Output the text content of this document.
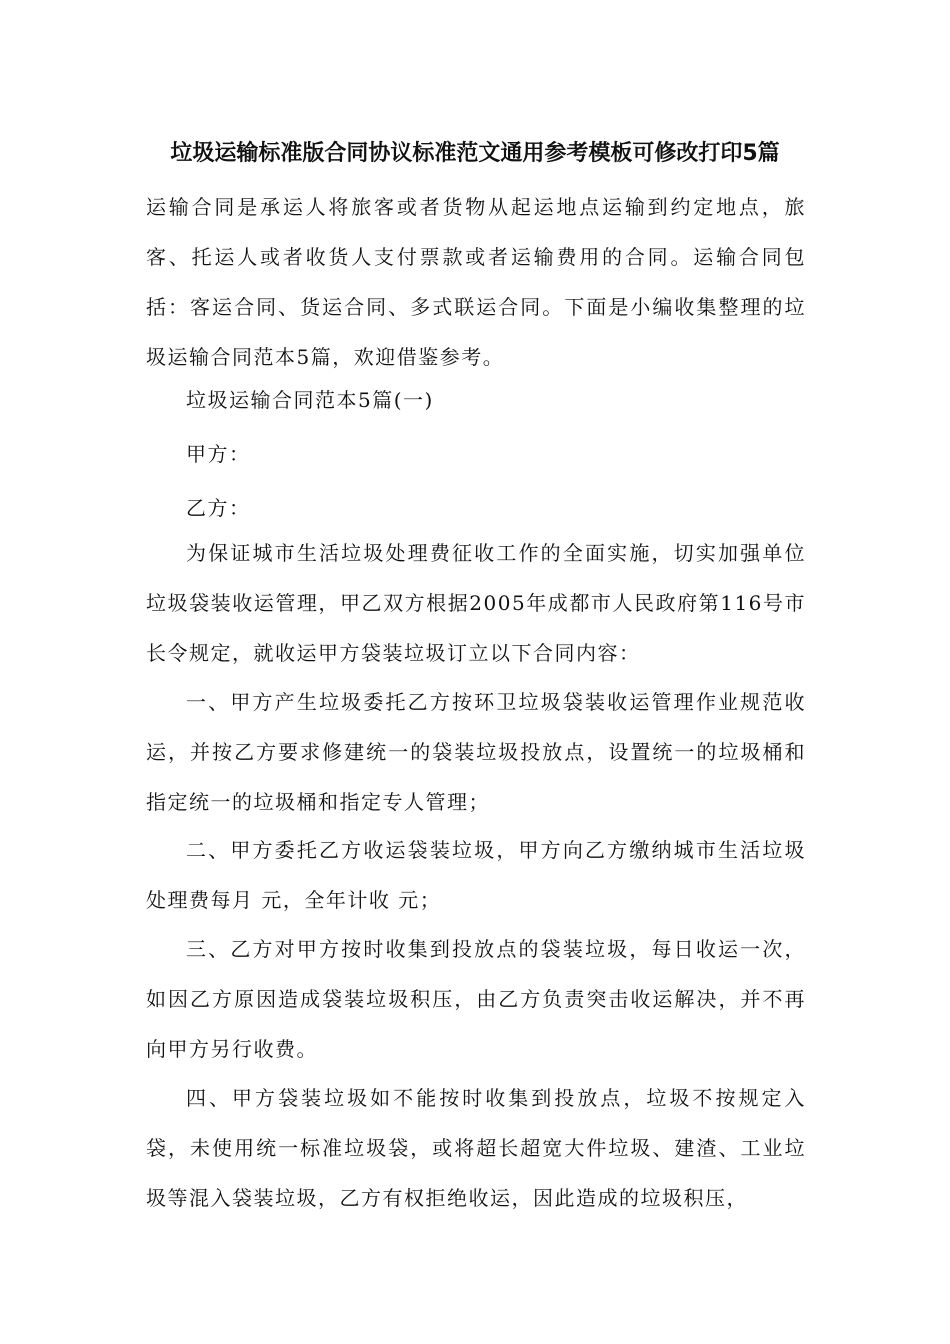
垃圾运输标准版合同协议标准范文通用参考模板可修改打印5篇

运输合同是承运人将旅客或者货物从起运地点运输到约定地点，旅客、托运人或者收货人支付票款或者运输费用的合同。运输合同包括：客运合同、货运合同、多式联运合同。下面是小编收集整理的垃圾运输合同范本5篇，欢迎借鉴参考。

垃圾运输合同范本5篇(一)

甲方：

乙方：

为保证城市生活垃圾处理费征收工作的全面实施，切实加强单位垃圾袋装收运管理，甲乙双方根据2005年成都市人民政府第116号市长令规定，就收运甲方袋装垃圾订立以下合同内容：

一、甲方产生垃圾委托乙方按环卫垃圾袋装收运管理作业规范收运，并按乙方要求修建统一的袋装垃圾投放点，设置统一的垃圾桶和指定统一的垃圾桶和指定专人管理；

二、甲方委托乙方收运袋装垃圾，甲方向乙方缴纳城市生活垃圾处理费每月 元，全年计收 元；

三、乙方对甲方按时收集到投放点的袋装垃圾，每日收运一次，如因乙方原因造成袋装垃圾积压，由乙方负责突击收运解决，并不再向甲方另行收费。

四、甲方袋装垃圾如不能按时收集到投放点，垃圾不按规定入袋，未使用统一标准垃圾袋，或将超长超宽大件垃圾、建渣、工业垃圾等混入袋装垃圾，乙方有权拒绝收运，因此造成的垃圾积压，
